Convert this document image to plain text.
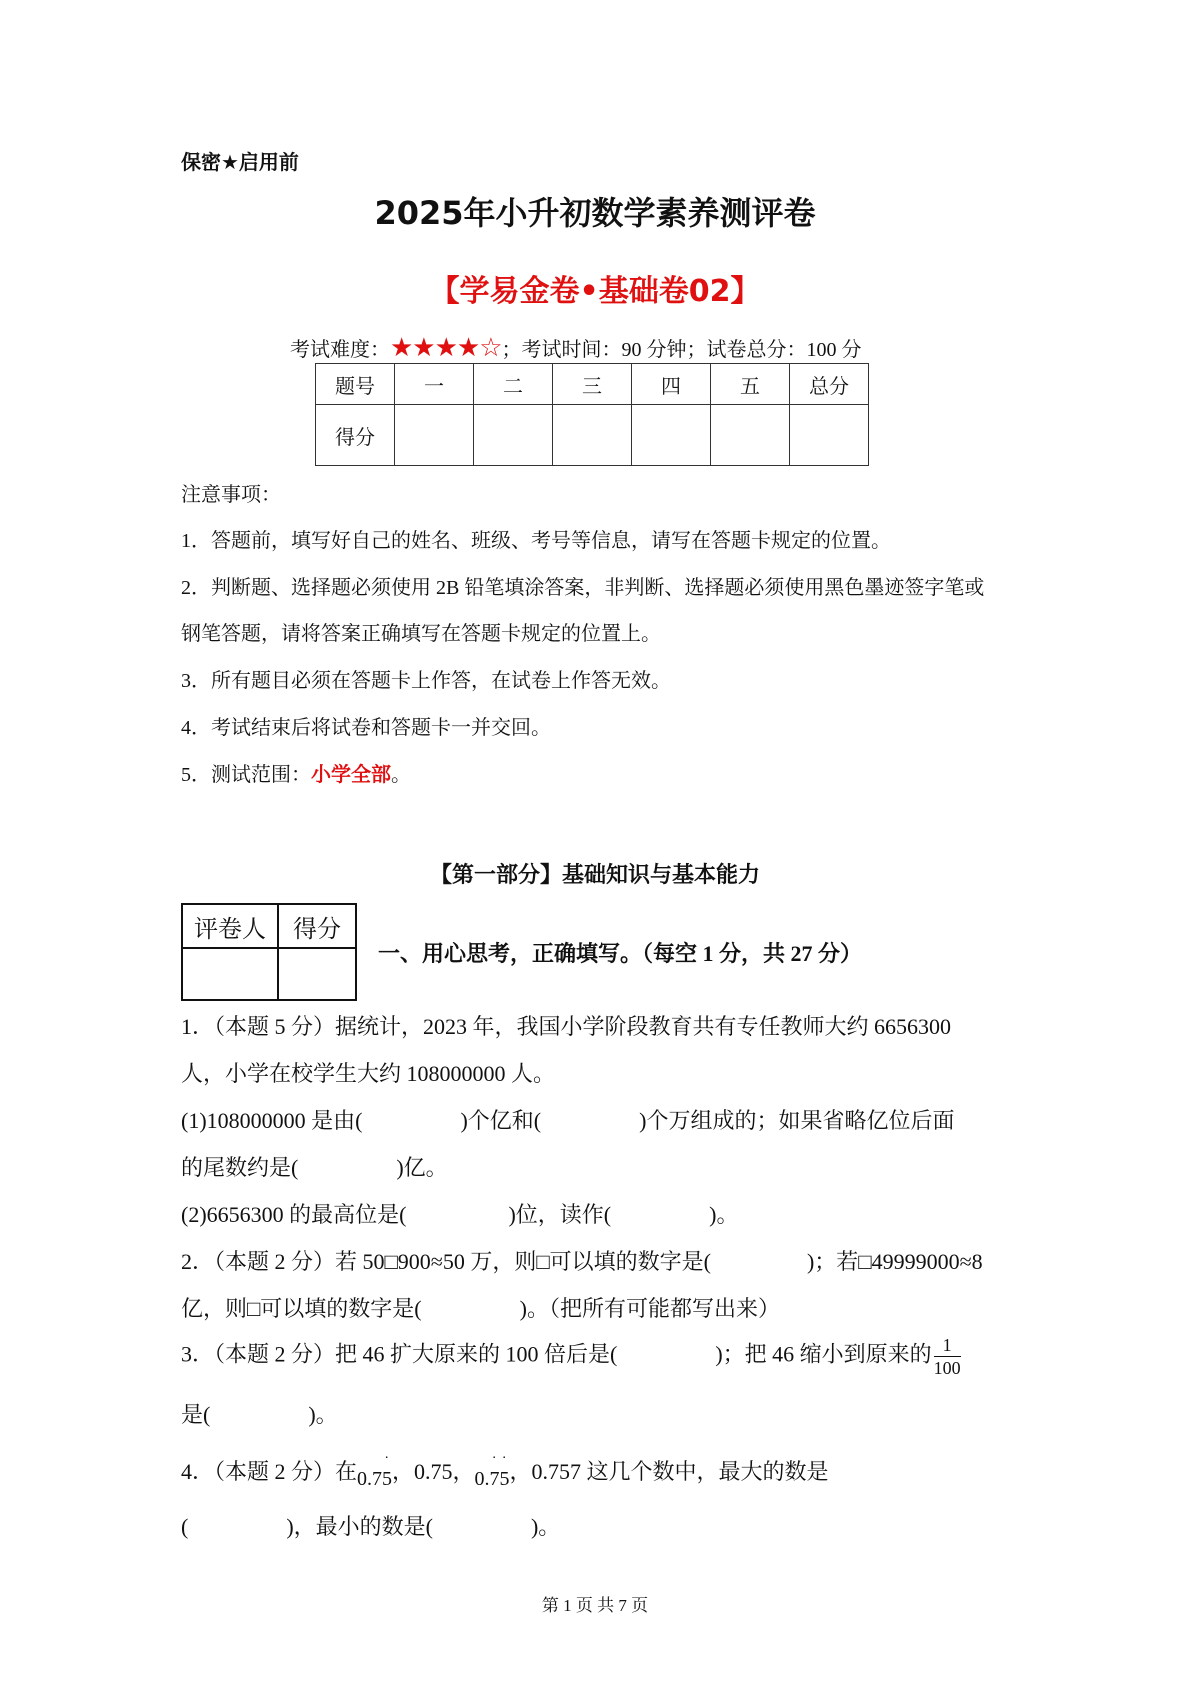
保密★启用前
2025年小升初数学素养测评卷
【学易金卷•基础卷02】
考试难度：★★★★☆；考试时间：90 分钟；试卷总分：100 分
题号	一	二	三	四	五	总分
得分						
注意事项：
1．答题前，填写好自己的姓名、班级、考号等信息，请写在答题卡规定的位置。
2．判断题、选择题必须使用 2B 铅笔填涂答案，非判断、选择题必须使用黑色墨迹签字笔或
钢笔答题，请将答案正确填写在答题卡规定的位置上。
3．所有题目必须在答题卡上作答，在试卷上作答无效。
4．考试结束后将试卷和答题卡一并交回。
5．测试范围：小学全部。
【第一部分】基础知识与基本能力
评卷人	得分

一、用心思考，正确填写。（每空 1 分，共 27 分）
1．（本题 5 分）据统计，2023 年，我国小学阶段教育共有专任教师大约 6656300
人，小学在校学生大约 108000000 人。
(1)108000000 是由(	)个亿和(	)个万组成的；如果省略亿位后面
的尾数约是(	)亿。
(2)6656300 的最高位是(	)位，读作(	)。
2．（本题 2 分）若 50□900≈50 万，则□可以填的数字是(	)；若□49999000≈8
亿，则□可以填的数字是(	)。（把所有可能都写出来）
3．（本题 2 分）把 46 扩大原来的 100 倍后是(	)；把 46 缩小到原来的 $\frac{1}{100}$
是(	)。
4．（本题 2 分）在0.7˙ 5，0.75，0.˙ 7˙ 5，0.757 这几个数中，最大的数是
(	)，最小的数是(	)。
第 1 页 共 7 页
